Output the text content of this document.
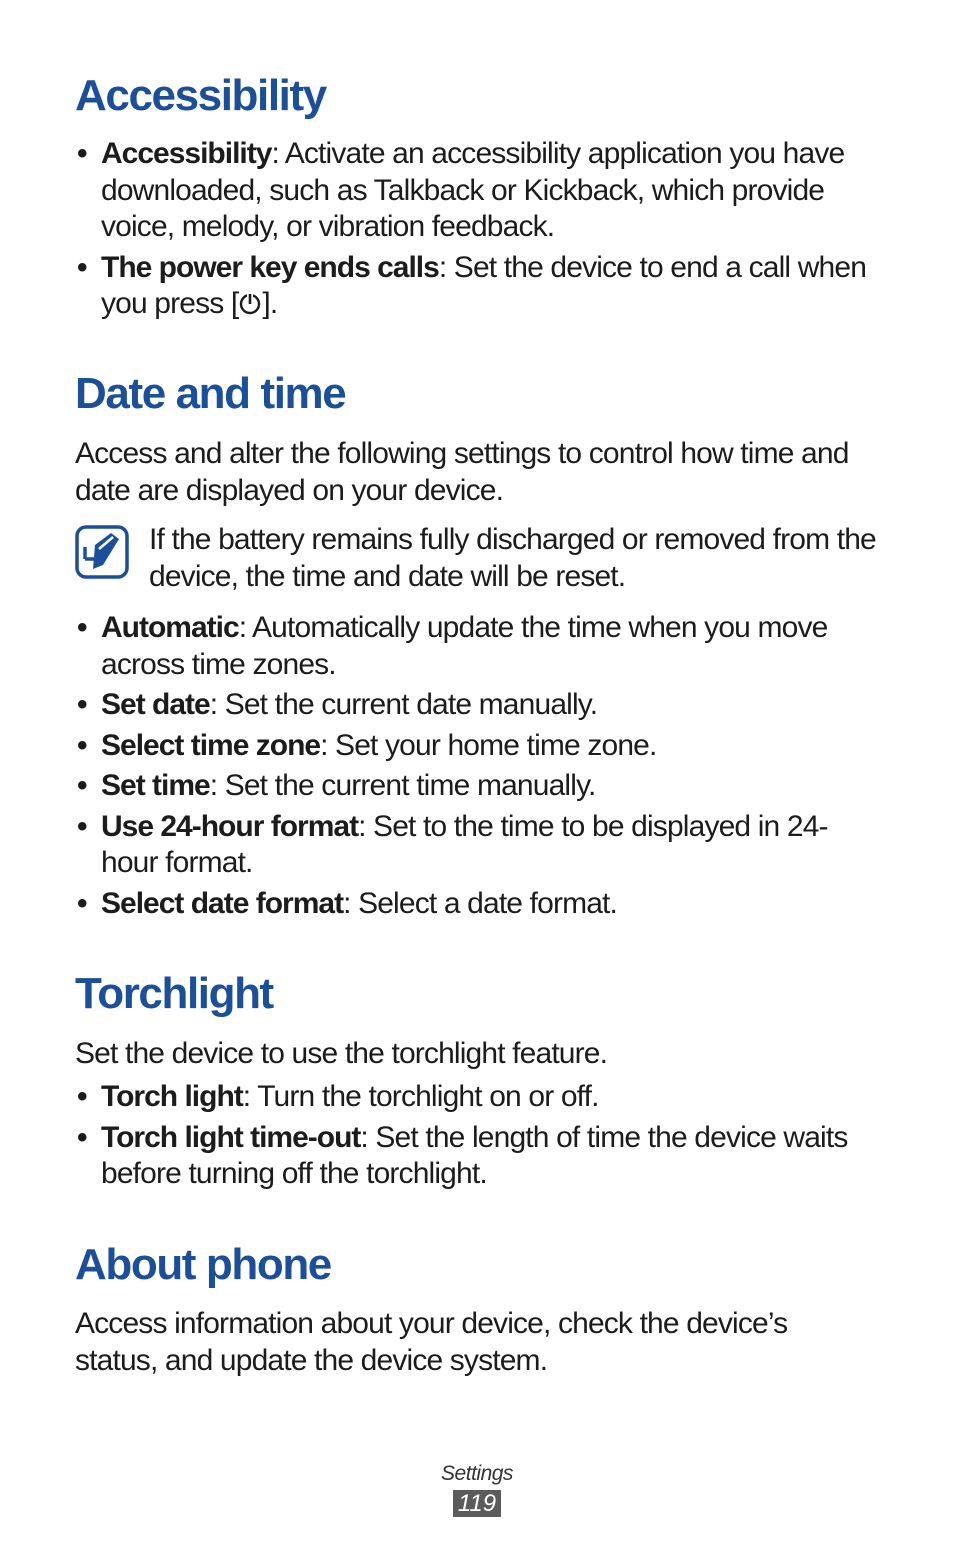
Accessibility
• Accessibility: Activate an accessibility application you have downloaded, such as Talkback or Kickback, which provide voice, melody, or vibration feedback.
• The power key ends calls: Set the device to end a call when you press [ ].
Date and time
Access and alter the following settings to control how time and date are displayed on your device.
If the battery remains fully discharged or removed from the device, the time and date will be reset.
• Automatic: Automatically update the time when you move across time zones.
• Set date: Set the current date manually.
• Select time zone: Set your home time zone.
• Set time: Set the current time manually.
• Use 24-hour format: Set to the time to be displayed in 24-hour format.
• Select date format: Select a date format.
Torchlight
Set the device to use the torchlight feature.
• Torch light: Turn the torchlight on or off.
• Torch light time-out: Set the length of time the device waits before turning off the torchlight.
About phone
Access information about your device, check the device’s status, and update the device system.
Settings
119
